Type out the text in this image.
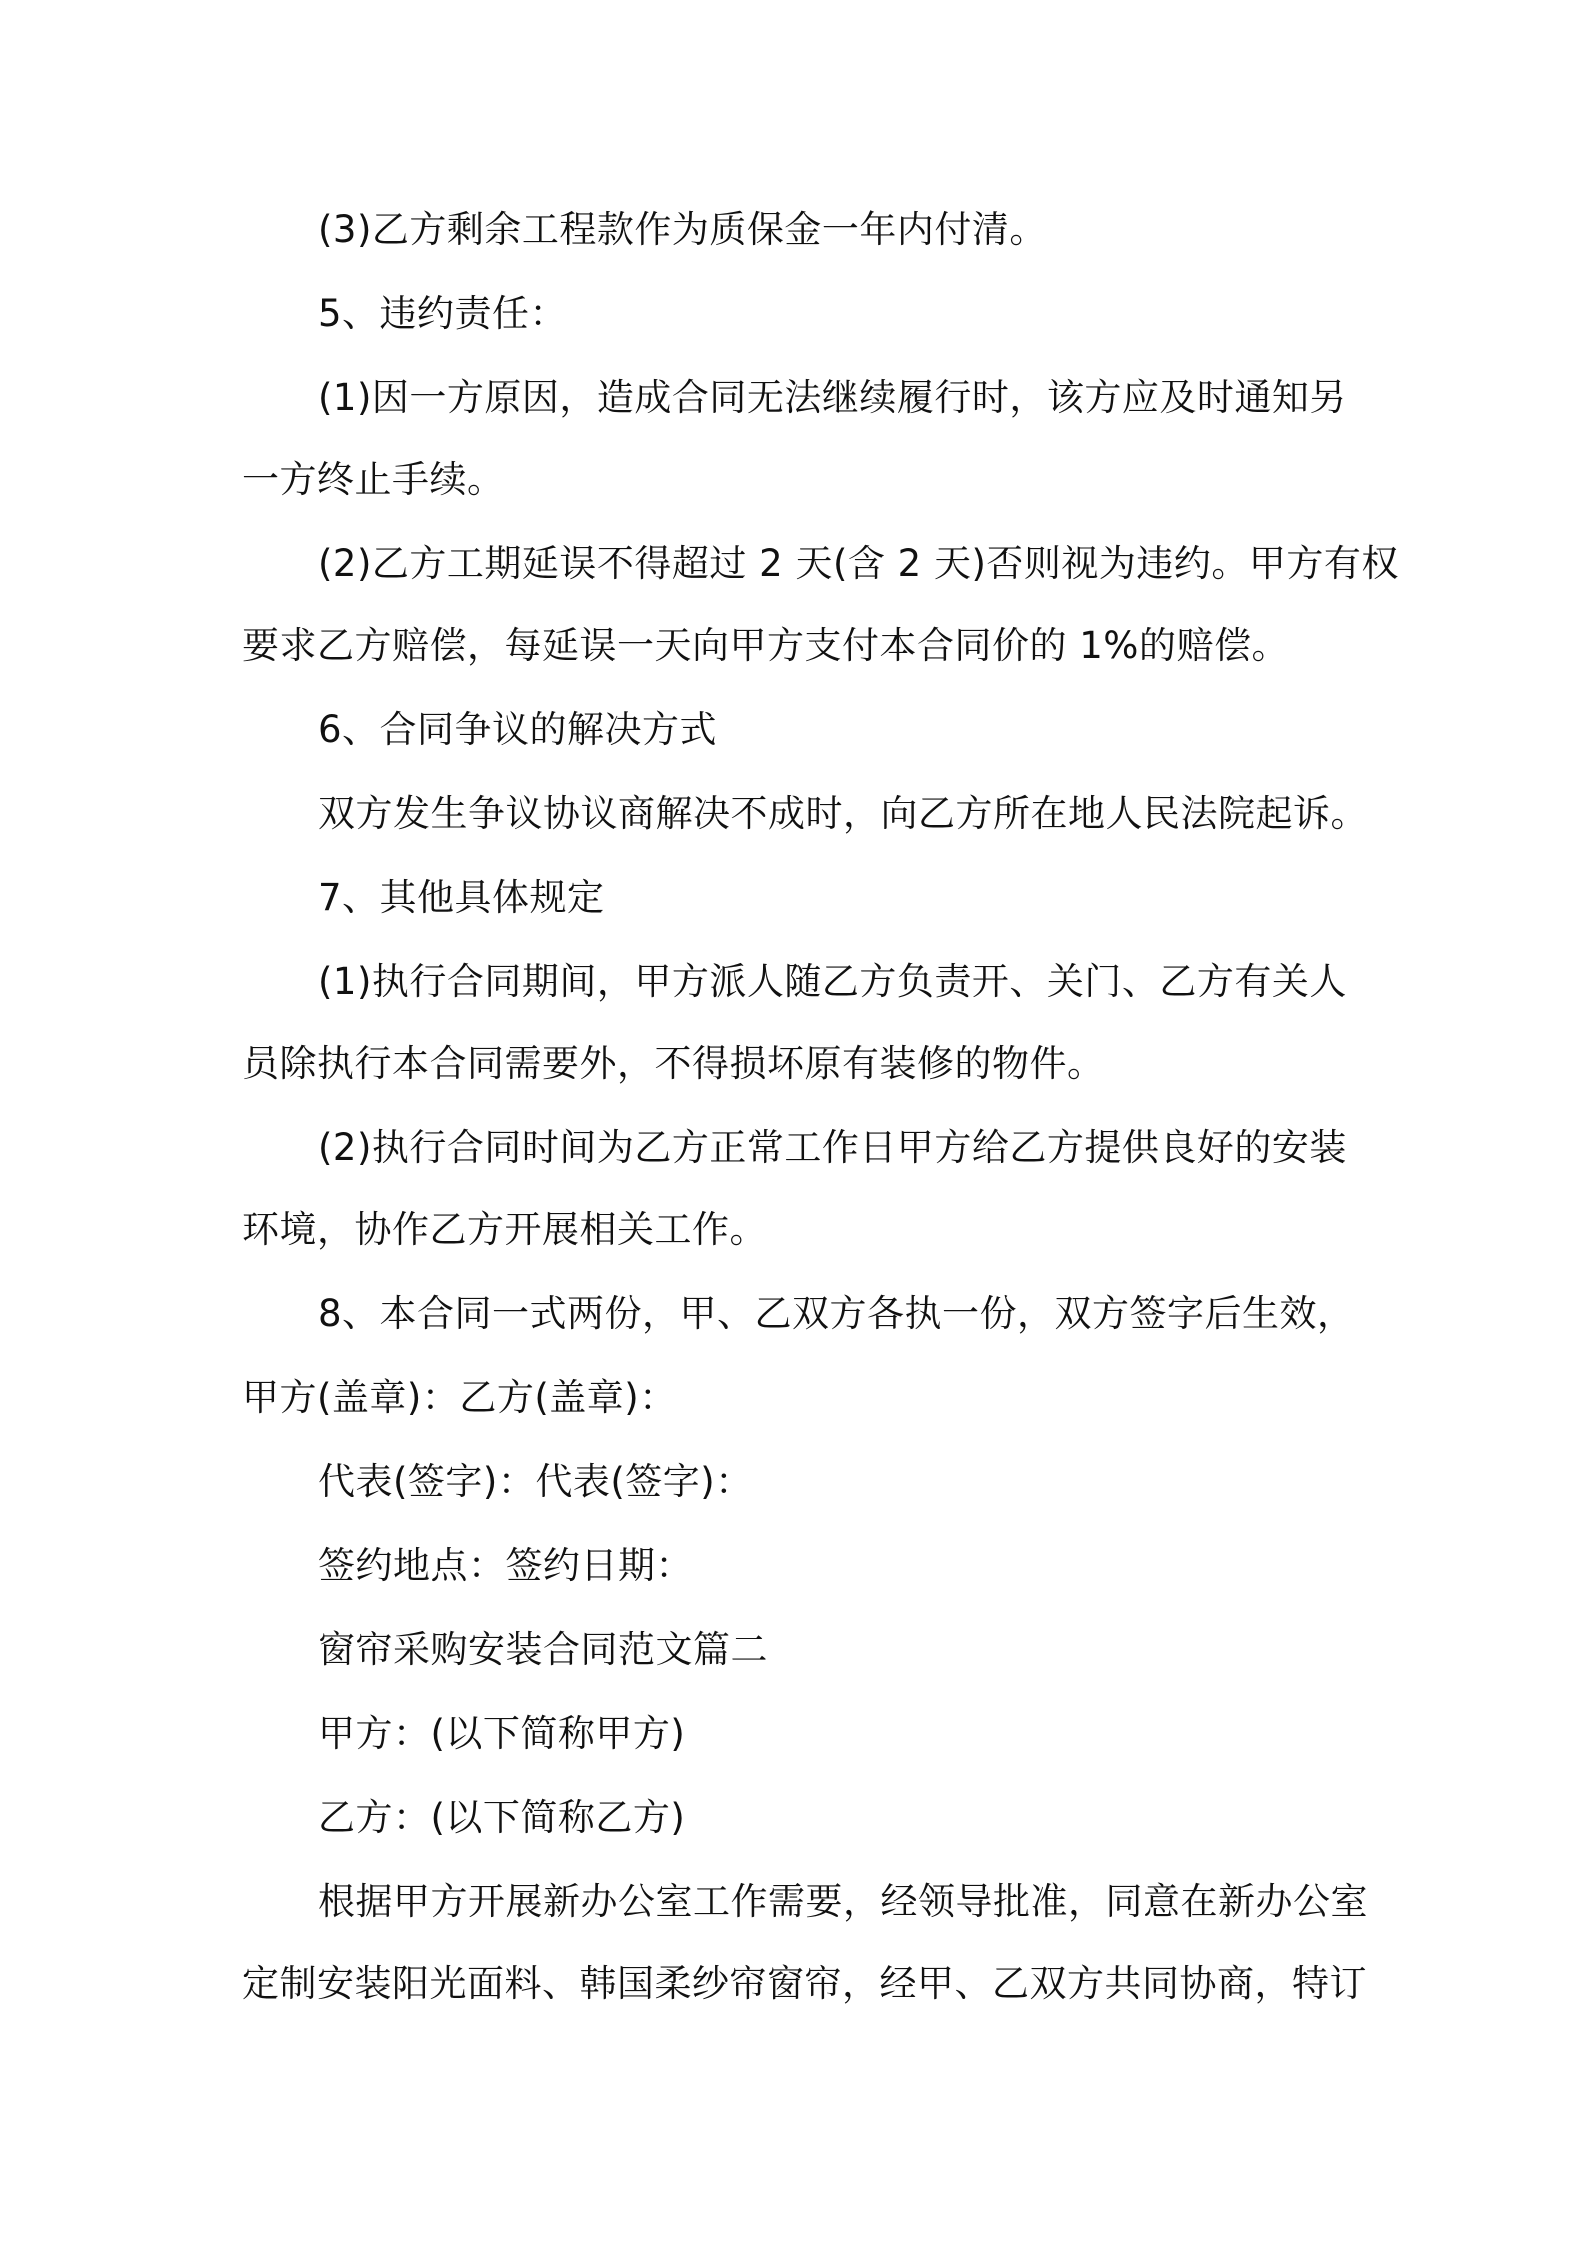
(3)乙方剩余工程款作为质保金一年内付清。
5、违约责任：
(1)因一方原因，造成合同无法继续履行时，该方应及时通知另
一方终止手续。
(2)乙方工期延误不得超过 2 天(含 2 天)否则视为违约。甲方有权
要求乙方赔偿，每延误一天向甲方支付本合同价的 1%的赔偿。
6、合同争议的解决方式
双方发生争议协议商解决不成时，向乙方所在地人民法院起诉。
7、其他具体规定
(1)执行合同期间，甲方派人随乙方负责开、关门、乙方有关人
员除执行本合同需要外，不得损坏原有装修的物件。
(2)执行合同时间为乙方正常工作日甲方给乙方提供良好的安装
环境，协作乙方开展相关工作。
8、本合同一式两份，甲、乙双方各执一份，双方签字后生效，
甲方(盖章)：乙方(盖章)：
代表(签字)：代表(签字)：
签约地点：签约日期：
窗帘采购安装合同范文篇二
甲方：(以下简称甲方)
乙方：(以下简称乙方)
根据甲方开展新办公室工作需要，经领导批准，同意在新办公室
定制安装阳光面料、韩国柔纱帘窗帘，经甲、乙双方共同协商，特订
